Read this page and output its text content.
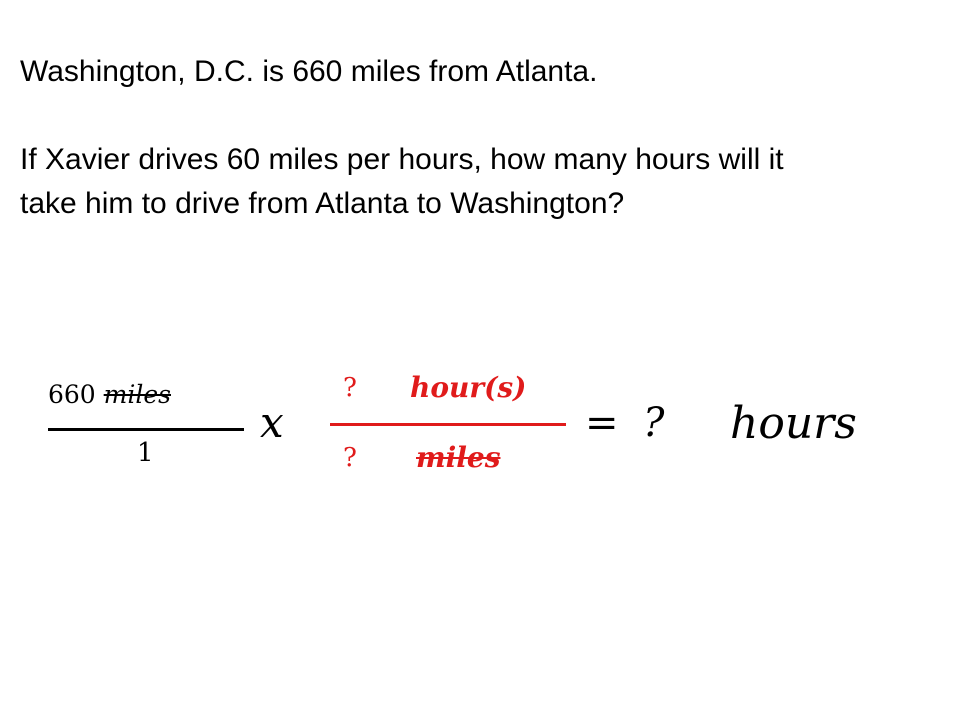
Washington, D.C. is 660 miles from Atlanta.

If Xavier drives 60 miles per hours, how many hours will it take him to drive from Atlanta to Washington?

660 miles
1
x
? hour(s)
? miles
= ? hours
